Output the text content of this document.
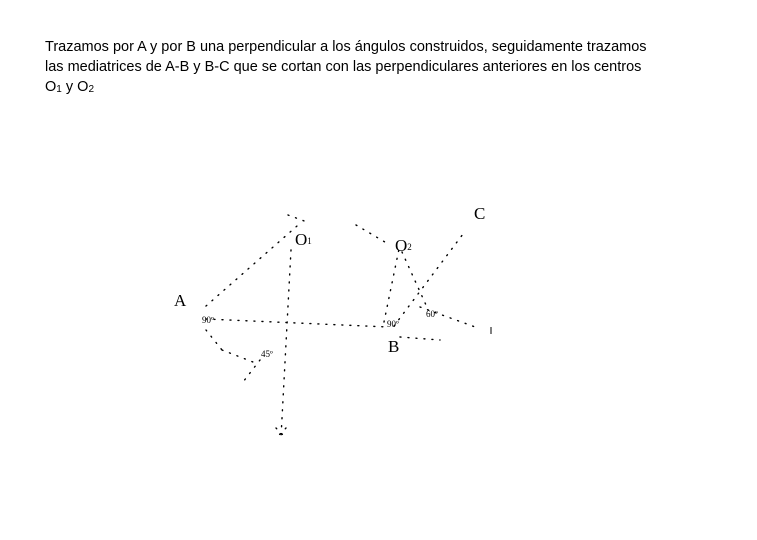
Trazamos por A y por B una perpendicular a los ángulos construidos, seguidamente trazamos
las mediatrices de A-B y B-C que se cortan con las perpendiculares anteriores en los centros
O1 y O2
A
B
C
O1	O2
90º	90º
60º
45º
